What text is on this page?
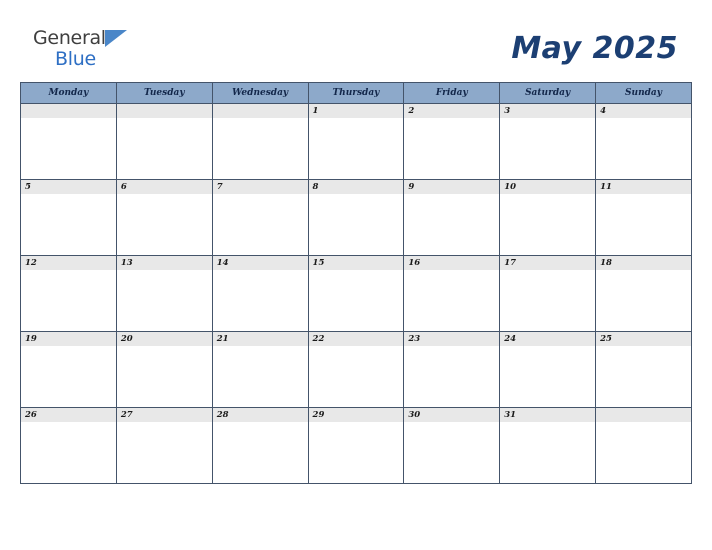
General
Blue	May 2025
Monday	Tuesday	Wednesday	Thursday	Friday	Saturday	Sunday

			1	2	3	4

5	6	7	8	9	10	11

12	13	14	15	16	17	18

19	20	21	22	23	24	25

26	27	28	29	30	31	
